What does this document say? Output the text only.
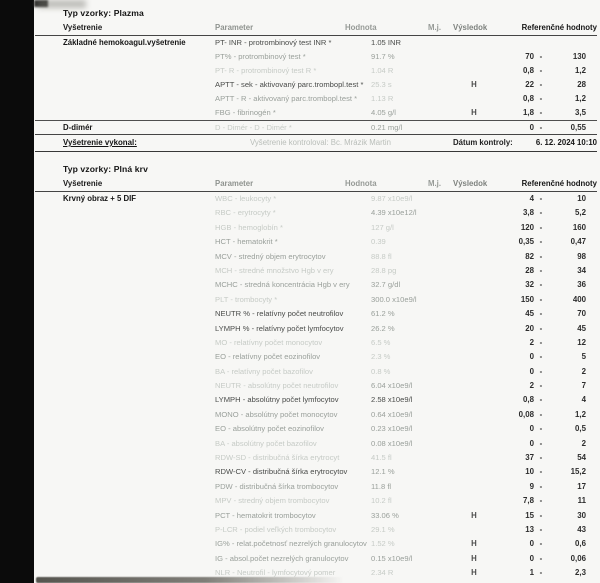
Typ vzorky: Plazma
Vyšetrenie	Parameter	Hodnota	M.j. Výsledok	Referenčné hodnoty
Základné hemokoagul.vyšetrenie	PT- INR - protrombinový test INR *	1.05 INR
PT% - protrombinový test *	91.7 %	70 -	130
PT- R - protrombinový test R *	1.04 R	0,8 -	1,2
APTT - sek - aktivovaný parc.trombopl.test * 25.3 s	H	22 -	28
APTT - R - aktivovaný parc.trombopl.test *	1.13 R	0,8 -	1,2
FBG - fibrinogén *	4.05 g/l	H	1,8 -	3,5
D-dimér	D - Dimér - D - Dimér *	0.21 mg/l	0 -	0,55
Vyšetrenie vykonal:	Vyšetrenie kontroloval: Bc. Mrázik Martin	Dátum kontroly:	6. 12. 2024 10:10
Typ vzorky: Plná krv
Vyšetrenie	Parameter	Hodnota	M.j. Výsledok	Referenčné hodnoty
Krvný obraz + 5 DIF	WBC - leukocyty *	9.87 x10e9/l	4 -	10
RBC - erytrocyty *	4.39 x10e12/l	3,8 -	5,2
HGB - hemoglobín *	127 g/l	120 -	160
HCT - hematokrit *	0.39	0,35 -	0,47
MCV - stredný objem erytrocytov	88.8 fl	82 -	98
MCH - stredné množstvo Hgb v ery	28.8 pg	28 -	34
MCHC - stredná koncentrácia Hgb v ery	32.7 g/dl	32 -	36
PLT - trombocyty *	300.0 x10e9/l	150 -	400
NEUTR % - relatívny počet neutrofilov	61.2 %	45 -	70
LYMPH % - relatívny počet lymfocytov	26.2 %	20 -	45
MO - relatívny počet monocytov	6.5 %	2 -	12
EO - relatívny počet eozinofilov	2.3 %	0 -	5
BA - relatívny počet bazofilov	0.8 %	0 -	2
NEUTR - absolútny počet neutrofilov	6.04 x10e9/l	2 -	7
LYMPH - absolútny počet lymfocytov	2.58 x10e9/l	0,8 -	4
MONO - absolútny počet monocytov	0.64 x10e9/l	0,08 -	1,2
EO - absolútny počet eozinofilov	0.23 x10e9/l	0 -	0,5
BA - absolútny počet bazofilov	0.08 x10e9/l	0 -	2
RDW-SD - distribučná šírka erytrocyt	41.5 fl	37 -	54
RDW-CV - distribučná šírka erytrocytov	12.1 %	10 -	15,2
PDW - distribučná šírka trombocytov	11.8 fl	9 -	17
MPV - stredný objem trombocytov	10.2 fl	7,8 -	11
PCT - hematokrit trombocytov	33.06 %	H	15 -	30
P-LCR - podiel veľkých trombocytov	29.1 %	13 -	43
IG% - relat.početnosť nezrelých granulocytov 1.52 %	H	0 -	0,6
IG - absol.počet nezrelých granulocytov	0.15 x10e9/l	H	0 -	0,06
NLR - Neutrofil - lymfocytový pomer	2.34 R	H	1 -	2,3
